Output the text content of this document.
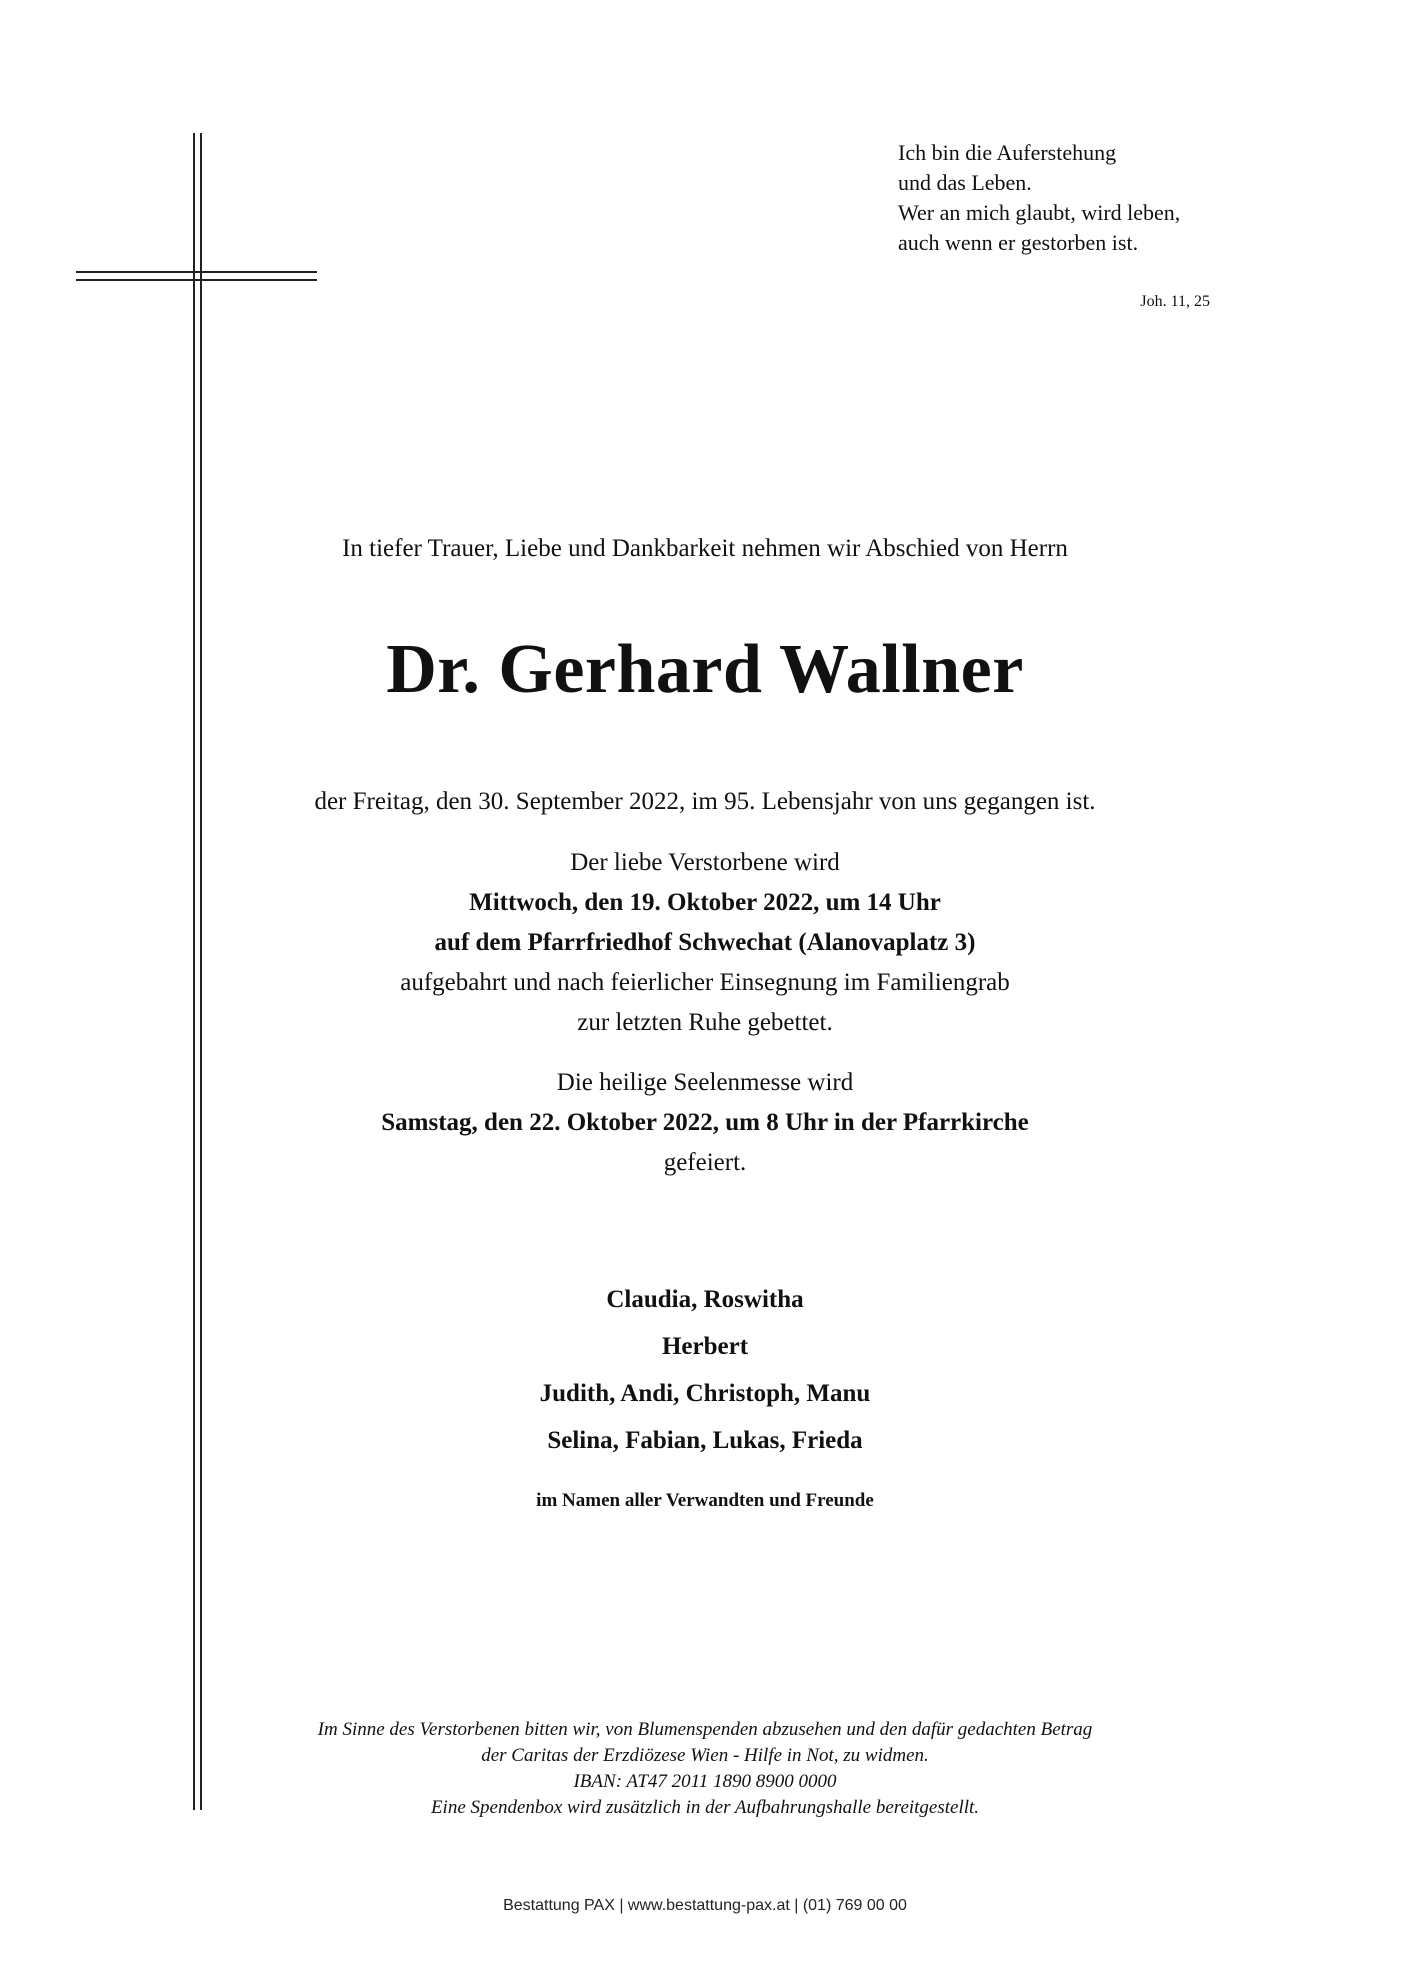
Ich bin die Auferstehung
und das Leben.
Wer an mich glaubt, wird leben,
auch wenn er gestorben ist.
Joh. 11, 25
In tiefer Trauer, Liebe und Dankbarkeit nehmen wir Abschied von Herrn
Dr. Gerhard Wallner
der Freitag, den 30. September 2022, im 95. Lebensjahr von uns gegangen ist.
Der liebe Verstorbene wird
Mittwoch, den 19. Oktober 2022, um 14 Uhr
auf dem Pfarrfriedhof Schwechat (Alanovaplatz 3)
aufgebahrt und nach feierlicher Einsegnung im Familiengrab
zur letzten Ruhe gebettet.
Die heilige Seelenmesse wird
Samstag, den 22. Oktober 2022, um 8 Uhr in der Pfarrkirche
gefeiert.
Claudia, Roswitha
Herbert
Judith, Andi, Christoph, Manu
Selina, Fabian, Lukas, Frieda
im Namen aller Verwandten und Freunde
Im Sinne des Verstorbenen bitten wir, von Blumenspenden abzusehen und den dafür gedachten Betrag
der Caritas der Erzdiözese Wien - Hilfe in Not, zu widmen.
IBAN: AT47 2011 1890 8900 0000
Eine Spendenbox wird zusätzlich in der Aufbahrungshalle bereitgestellt.
Bestattung PAX | www.bestattung-pax.at | (01) 769 00 00
